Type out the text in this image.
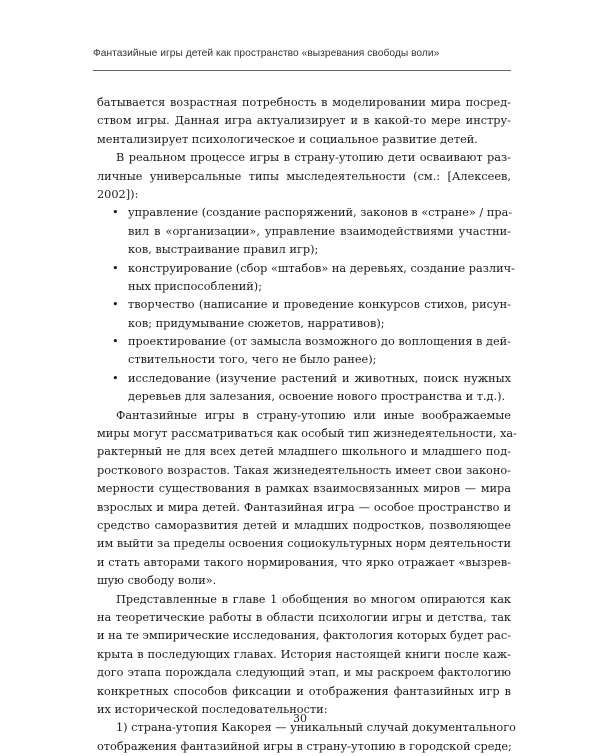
Фантазийные игры детей как пространство «вызревания свободы воли»
батывается возрастная потребность в моделировании мира посред-
ством игры. Данная игра актуализирует и в какой-то мере инстру-
ментализирует психологическое и социальное развитие детей.
В реальном процессе игры в страну-утопию дети осваивают раз-
личные универсальные типы мыследеятельности (см.: [Алексеев,
2002]):
• управление (создание распоряжений, законов в «стране» / пра-
вил в «организации», управление взаимодействиями участни-
ков, выстраивание правил игр);
• конструирование (сбор «штабов» на деревьях, создание различ-
ных приспособлений);
• творчество (написание и проведение конкурсов стихов, рисун-
ков; придумывание сюжетов, нарративов);
• проектирование (от замысла возможного до воплощения в дей-
ствительности того, чего не было ранее);
• исследование (изучение растений и животных, поиск нужных
деревьев для залезания, освоение нового пространства и т.д.).
Фантазийные игры в страну-утопию или иные воображаемые
миры могут рассматриваться как особый тип жизнедеятельности, ха-
рактерный не для всех детей младшего школьного и младшего под-
росткового возрастов. Такая жизнедеятельность имеет свои законо-
мерности существования в рамках взаимосвязанных миров — мира
взрослых и мира детей. Фантазийная игра — особое пространство и
средство саморазвития детей и младших подростков, позволяющее
им выйти за пределы освоения социокультурных норм деятельности
и стать авторами такого нормирования, что ярко отражает «вызрев-
шую свободу воли».
Представленные в главе 1 обобщения во многом опираются как
на теоретические работы в области психологии игры и детства, так
и на те эмпирические исследования, фактология которых будет рас-
крыта в последующих главах. История настоящей книги после каж-
дого этапа порождала следующий этап, и мы раскроем фактологию
конкретных способов фиксации и отображения фантазийных игр в
их исторической последовательности:
1) страна-утопия Какорея — уникальный случай документального
отображения фантазийной игры в страну-утопию в городской среде;
30
